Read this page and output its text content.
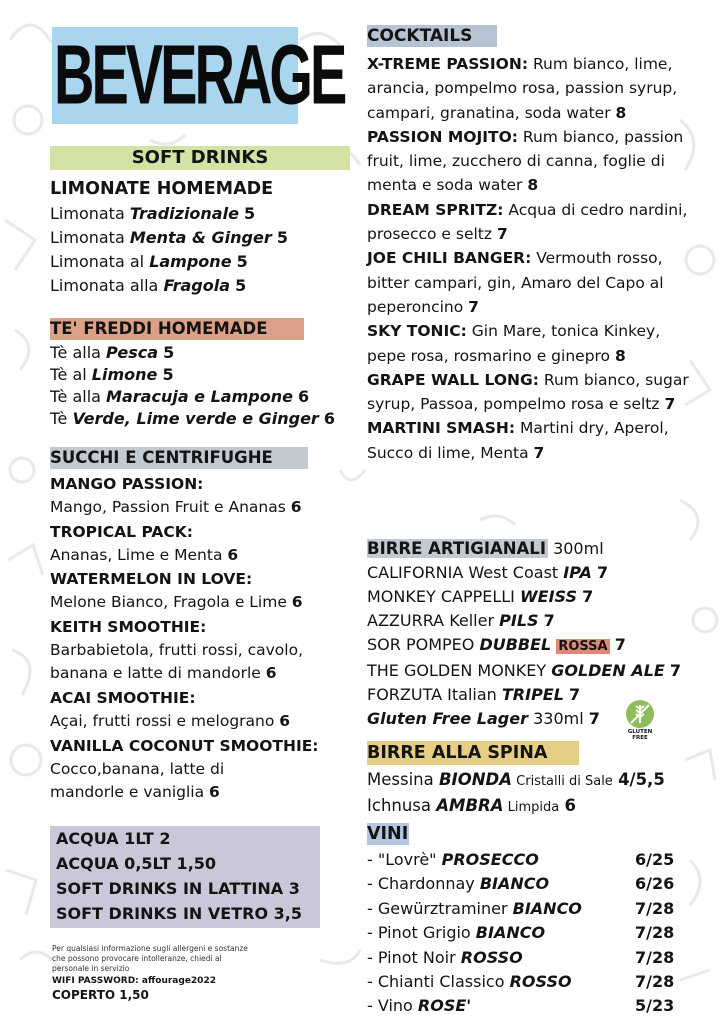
BEVERAGE
SOFT DRINKS
LIMONATE HOMEMADE
Limonata Tradizionale 5
Limonata Menta & Ginger 5
Limonata al Lampone 5
Limonata alla Fragola 5
TE' FREDDI HOMEMADE
Tè alla Pesca 5
Tè al Limone 5
Tè alla Maracuja e Lampone 6
Tè Verde, Lime verde e Ginger 6
SUCCHI E CENTRIFUGHE
MANGO PASSION:
Mango, Passion Fruit e Ananas 6
TROPICAL PACK:
Ananas, Lime e Menta 6
WATERMELON IN LOVE:
Melone Bianco, Fragola e Lime 6
KEITH SMOOTHIE:
Barbabietola, frutti rossi, cavolo, banana e latte di mandorle 6
ACAI SMOOTHIE:
Açai, frutti rossi e melograno 6
VANILLA COCONUT SMOOTHIE:
Cocco,banana, latte di mandorle e vaniglia 6
ACQUA 1LT 2
ACQUA 0,5LT 1,50
SOFT DRINKS IN LATTINA 3
SOFT DRINKS IN VETRO 3,5
Per qualsiasi informazione sugli allergeni e sostanze che possono provocare intolleranze, chiedi al personale in servizio
WIFI PASSWORD: affourage2022
COPERTO 1,50
COCKTAILS
X-TREME PASSION: Rum bianco, lime, arancia, pompelmo rosa, passion syrup, campari, granatina, soda water 8
PASSION MOJITO: Rum bianco, passion fruit, lime, zucchero di canna, foglie di menta e soda water 8
DREAM SPRITZ: Acqua di cedro nardini, prosecco e seltz 7
JOE CHILI BANGER: Vermouth rosso, bitter campari, gin, Amaro del Capo al peperoncino 7
SKY TONIC: Gin Mare, tonica Kinkey, pepe rosa, rosmarino e ginepro 8
GRAPE WALL LONG: Rum bianco, sugar syrup, Passoa, pompelmo rosa e seltz 7
MARTINI SMASH: Martini dry, Aperol, Succo di lime, Menta 7
BIRRE ARTIGIANALI 300ml
CALIFORNIA West Coast IPA 7
MONKEY CAPPELLI WEISS 7
AZZURRA Keller PILS 7
SOR POMPEO DUBBEL ROSSA 7
THE GOLDEN MONKEY GOLDEN ALE 7
FORZUTA Italian TRIPEL 7
Gluten Free Lager 330ml 7
GLUTEN FREE
BIRRE ALLA SPINA
Messina BIONDA Cristalli di Sale 4/5,5
Ichnusa AMBRA Limpida 6
VINI
- "Lovrè" PROSECCO	6/25
- Chardonnay BIANCO	6/26
- Gewürztraminer BIANCO	7/28
- Pinot Grigio BIANCO	7/28
- Pinot Noir ROSSO	7/28
- Chianti Classico ROSSO	7/28
- Vino ROSE'	5/23
